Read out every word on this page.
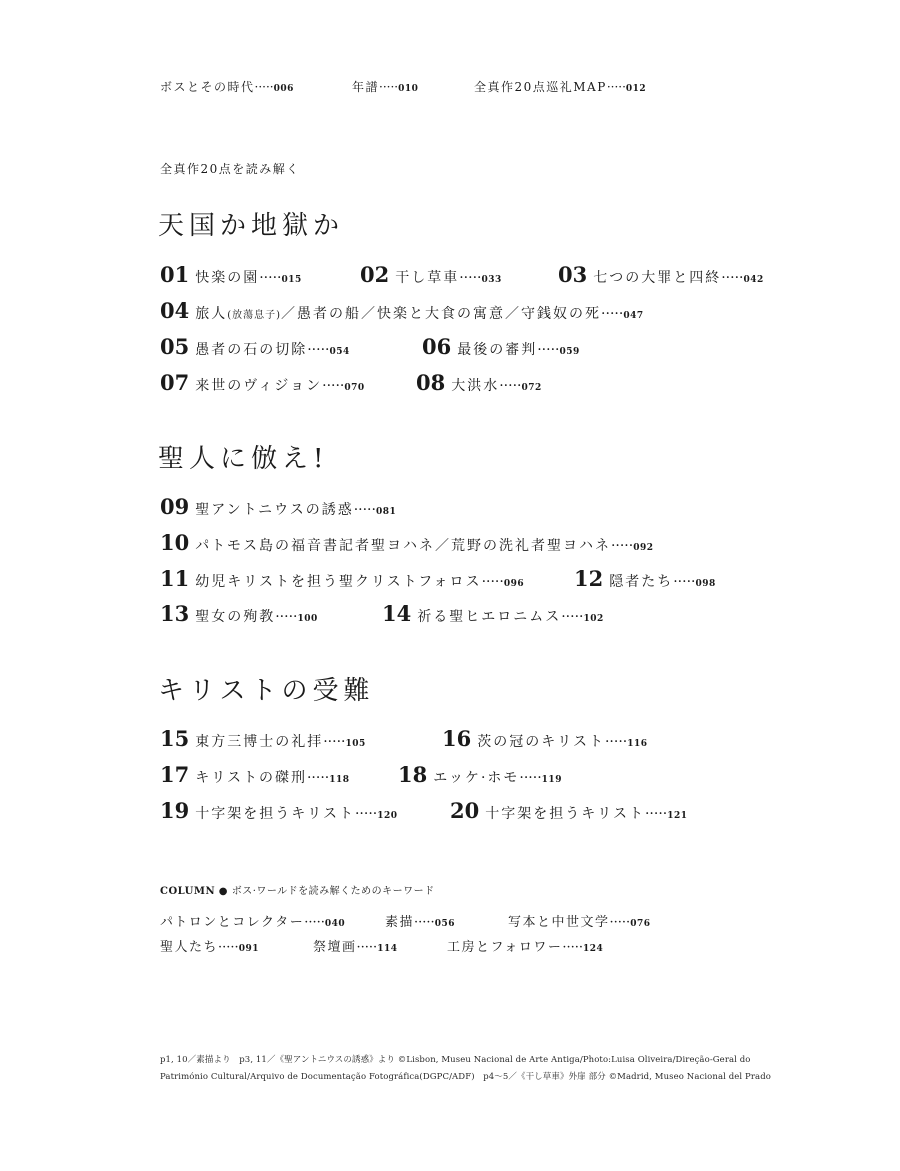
ボスとその時代·····006	年譜·····010	全真作20点巡礼MAP·····012
全真作20点を読み解く
天国か地獄か
01 快楽の園 ····· 015	02 干し草車 ····· 033	03 七つの大罪と四終 ····· 042
04 旅人 (放蕩息子) ／愚者の船／快楽と大食の寓意／守銭奴の死 ····· 047
05 愚者の石の切除 ····· 054	06 最後の審判 ····· 059
07 来世のヴィジョン ····· 070 08 大洪水 ····· 072
聖人に倣え!
09 聖アントニウスの誘惑 ····· 081
10 パトモス島の福音書記者聖ヨハネ／荒野の洗礼者聖ヨハネ ····· 092
11 幼児キリストを担う聖クリストフォロス ····· 096 12 隠者たち ····· 098
13 聖女の殉教 ····· 100	14 祈る聖ヒエロニムス ····· 102
キリストの受難
15 東方三博士の礼拝 ····· 105	16 茨の冠のキリスト ····· 116
17 キリストの磔刑 ····· 118 18 エッケ·ホモ ····· 119
19 十字架を担うキリスト ····· 120 20 十字架を担うキリスト ····· 121
COLUMN ● ボス·ワールドを読み解くためのキーワード
パトロンとコレクター·····040	素描·····056	写本と中世文学·····076
聖人たち·····091	祭壇画·····114	工房とフォロワー·····124
p1, 10／素描より　p3, 11／《聖アントニウスの誘惑》より ©Lisbon, Museu Nacional de Arte Antiga/Photo:Luisa Oliveira/Direção-Geral do
Património Cultural/Arquivo de Documentação Fotográfica(DGPC/ADF)　p4〜5／《干し草車》外扉 部分 ©Madrid, Museo Nacional del Prado
